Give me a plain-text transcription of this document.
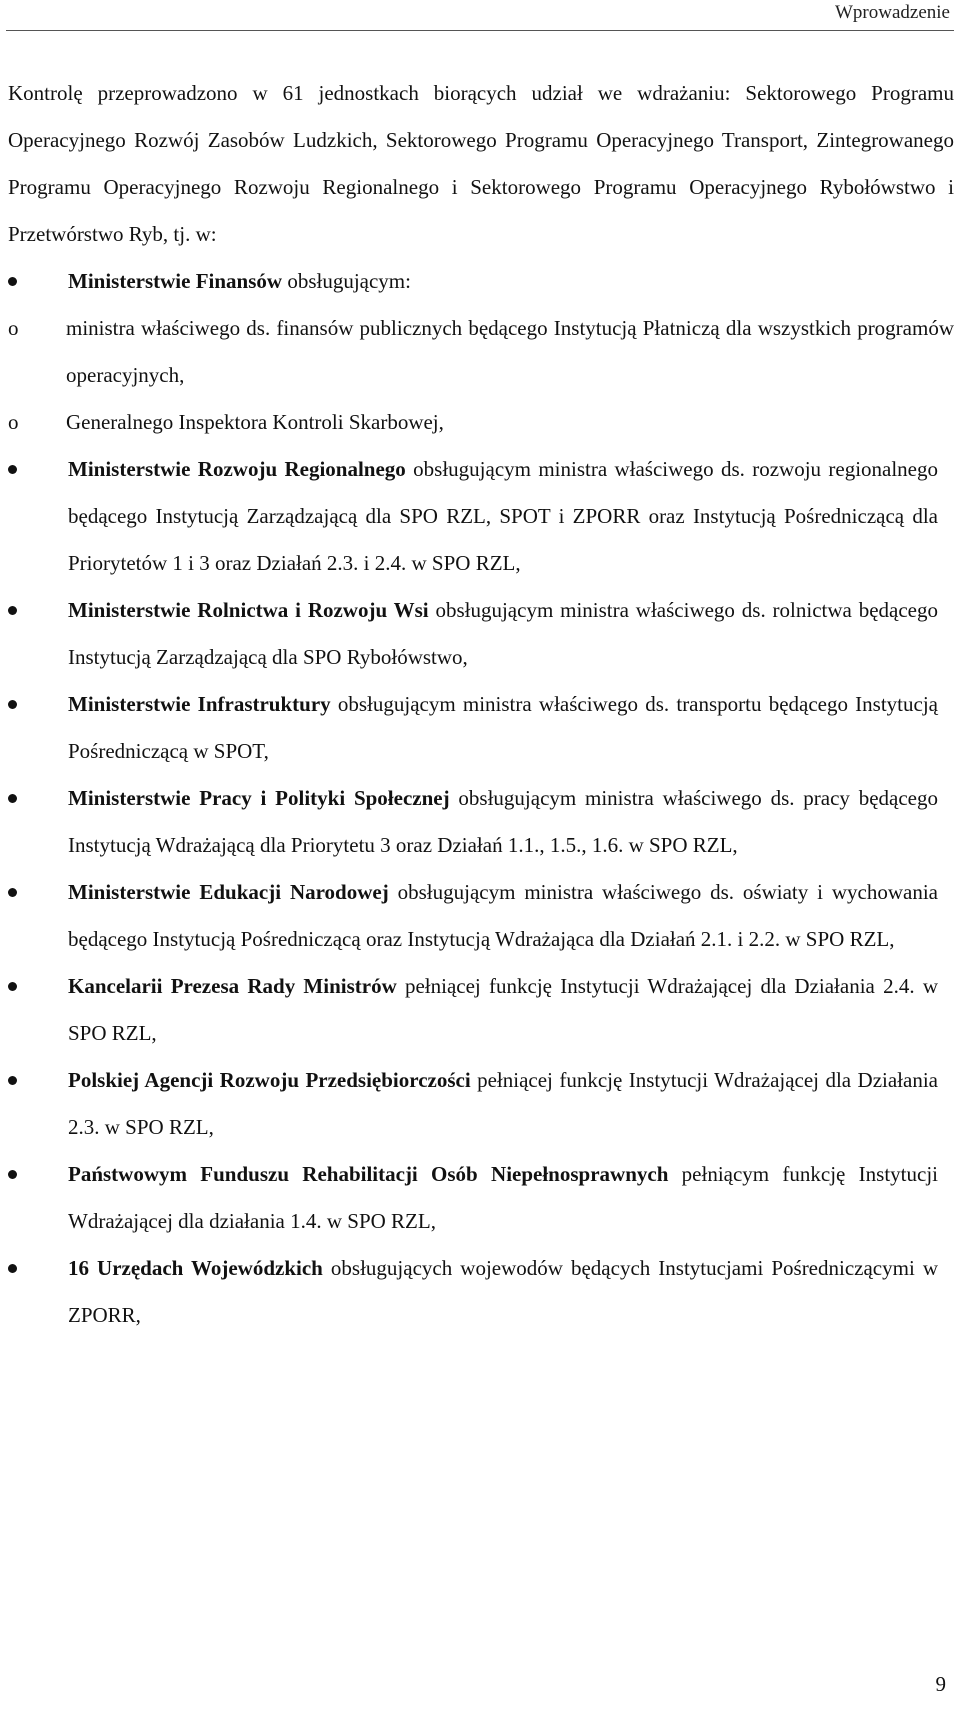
Wprowadzenie

Kontrolę przeprowadzono w 61 jednostkach biorących udział we wdrażaniu: Sektorowego Programu Operacyjnego Rozwój Zasobów Ludzkich, Sektorowego Programu Operacyjnego Transport, Zintegrowanego Programu Operacyjnego Rozwoju Regionalnego i Sektorowego Programu Operacyjnego Rybołówstwo i Przetwórstwo Ryb, tj. w:

Ministerstwie Finansów obsługującym:
o ministra właściwego ds. finansów publicznych będącego Instytucją Płatniczą dla wszystkich programów operacyjnych,
o Generalnego Inspektora Kontroli Skarbowej,
Ministerstwie Rozwoju Regionalnego obsługującym ministra właściwego ds. rozwoju regionalnego będącego Instytucją Zarządzającą dla SPO RZL, SPOT i ZPORR oraz Instytucją Pośredniczącą dla Priorytetów 1 i 3 oraz Działań 2.3. i 2.4. w SPO RZL,
Ministerstwie Rolnictwa i Rozwoju Wsi obsługującym ministra właściwego ds. rolnictwa będącego Instytucją Zarządzającą dla SPO Rybołówstwo,
Ministerstwie Infrastruktury obsługującym ministra właściwego ds. transportu będącego Instytucją Pośredniczącą w SPOT,
Ministerstwie Pracy i Polityki Społecznej obsługującym ministra właściwego ds. pracy będącego Instytucją Wdrażającą dla Priorytetu 3 oraz Działań 1.1., 1.5., 1.6. w SPO RZL,
Ministerstwie Edukacji Narodowej obsługującym ministra właściwego ds. oświaty i wychowania będącego Instytucją Pośredniczącą oraz Instytucją Wdrażająca dla Działań 2.1. i 2.2. w SPO RZL,
Kancelarii Prezesa Rady Ministrów pełniącej funkcję Instytucji Wdrażającej dla Działania 2.4. w SPO RZL,
Polskiej Agencji Rozwoju Przedsiębiorczości pełniącej funkcję Instytucji Wdrażającej dla Działania 2.3. w SPO RZL,
Państwowym Funduszu Rehabilitacji Osób Niepełnosprawnych pełniącym funkcję Instytucji Wdrażającej dla działania 1.4. w SPO RZL,
16 Urzędach Wojewódzkich obsługujących wojewodów będących Instytucjami Pośredniczącymi w ZPORR,
9
